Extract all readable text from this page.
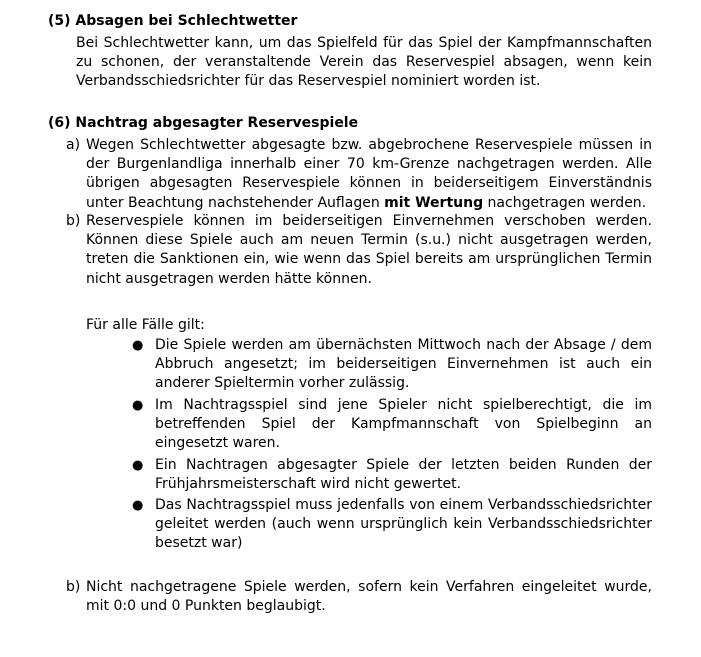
(5) Absagen bei Schlechtwetter

Bei Schlechtwetter kann, um das Spielfeld für das Spiel der Kampfmannschaften zu schonen, der veranstaltende Verein das Reservespiel absagen, wenn kein Verbandsschiedsrichter für das Reservespiel nominiert worden ist.

(6) Nachtrag abgesagter Reservespiele
a) Wegen Schlechtwetter abgesagte bzw. abgebrochene Reservespiele müssen in der Burgenlandliga innerhalb einer 70 km-Grenze nachgetragen werden. Alle übrigen abgesagten Reservespiele können in beiderseitigem Einverständnis unter Beachtung nachstehender Auflagen mit Wertung nachgetragen werden.

b) Reservespiele können im beiderseitigen Einvernehmen verschoben werden. Können diese Spiele auch am neuen Termin (s.u.) nicht ausgetragen werden, treten die Sanktionen ein, wie wenn das Spiel bereits am ursprünglichen Termin nicht ausgetragen werden hätte können.

Für alle Fälle gilt:
● Die Spiele werden am übernächsten Mittwoch nach der Absage / dem Abbruch angesetzt; im beiderseitigen Einvernehmen ist auch ein anderer Spieltermin vorher zulässig.

● Im Nachtragsspiel sind jene Spieler nicht spielberechtigt, die im betreffenden Spiel der Kampfmannschaft von Spielbeginn an eingesetzt waren.

● Ein Nachtragen abgesagter Spiele der letzten beiden Runden der Frühjahrsmeisterschaft wird nicht gewertet.

● Das Nachtragsspiel muss jedenfalls von einem Verbandsschiedsrichter geleitet werden (auch wenn ursprünglich kein Verbandsschiedsrichter besetzt war)

b) Nicht nachgetragene Spiele werden, sofern kein Verfahren eingeleitet wurde, mit 0:0 und 0 Punkten beglaubigt.
